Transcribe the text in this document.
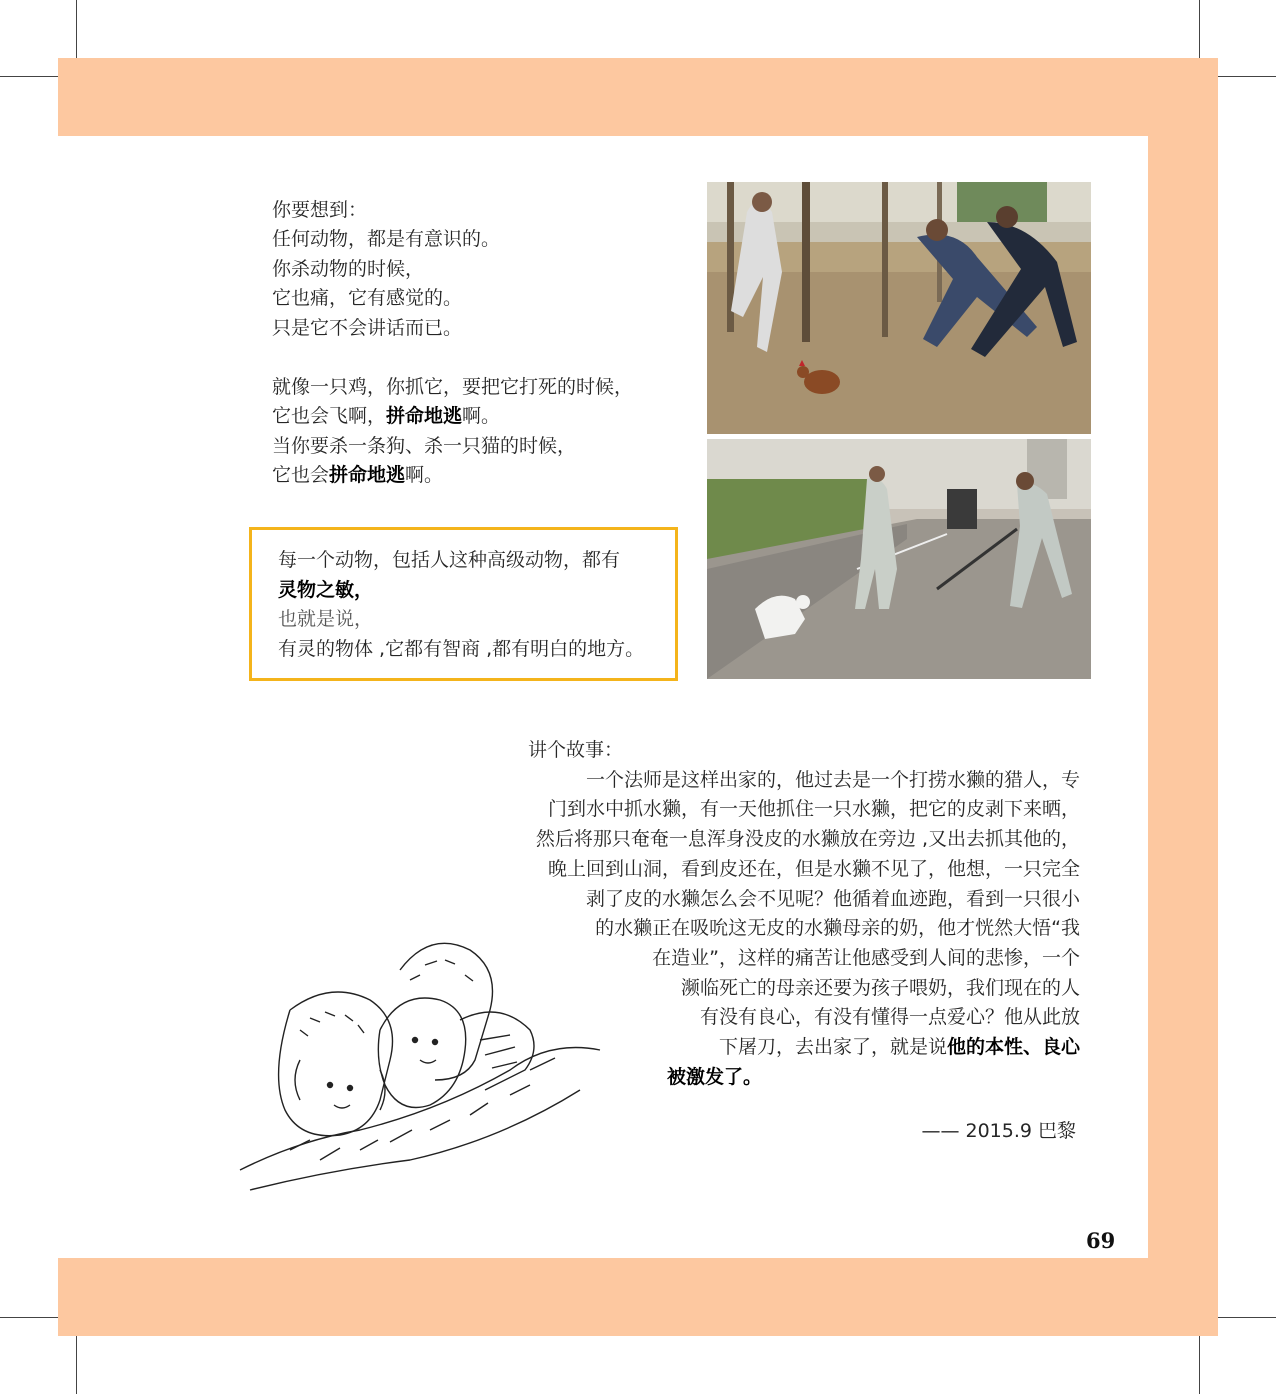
你要想到：
任何动物，都是有意识的。
你杀动物的时候，
它也痛，它有感觉的。
只是它不会讲话而已。
就像一只鸡，你抓它，要把它打死的时候，
它也会飞啊，拼命地逃啊。
当你要杀一条狗、杀一只猫的时候，
它也会拼命地逃啊。
每一个动物，包括人这种高级动物，都有
灵物之敏，
也就是说，
有灵的物体 ,它都有智商 ,都有明白的地方。
讲个故事：
一个法师是这样出家的，他过去是一个打捞水獭的猎人，专
门到水中抓水獭，有一天他抓住一只水獭，把它的皮剥下来晒，
然后将那只奄奄一息浑身没皮的水獭放在旁边 ,又出去抓其他的，
晚上回到山洞，看到皮还在，但是水獭不见了，他想，一只完全
剥了皮的水獭怎么会不见呢？他循着血迹跑，看到一只很小
的水獭正在吸吮这无皮的水獭母亲的奶，他才恍然大悟“我
在造业”，这样的痛苦让他感受到人间的悲惨，一个
濒临死亡的母亲还要为孩子喂奶，我们现在的人
有没有良心，有没有懂得一点爱心？他从此放
下屠刀，去出家了，就是说他的本性、良心
被激发了。
—— 2015.9 巴黎
69
